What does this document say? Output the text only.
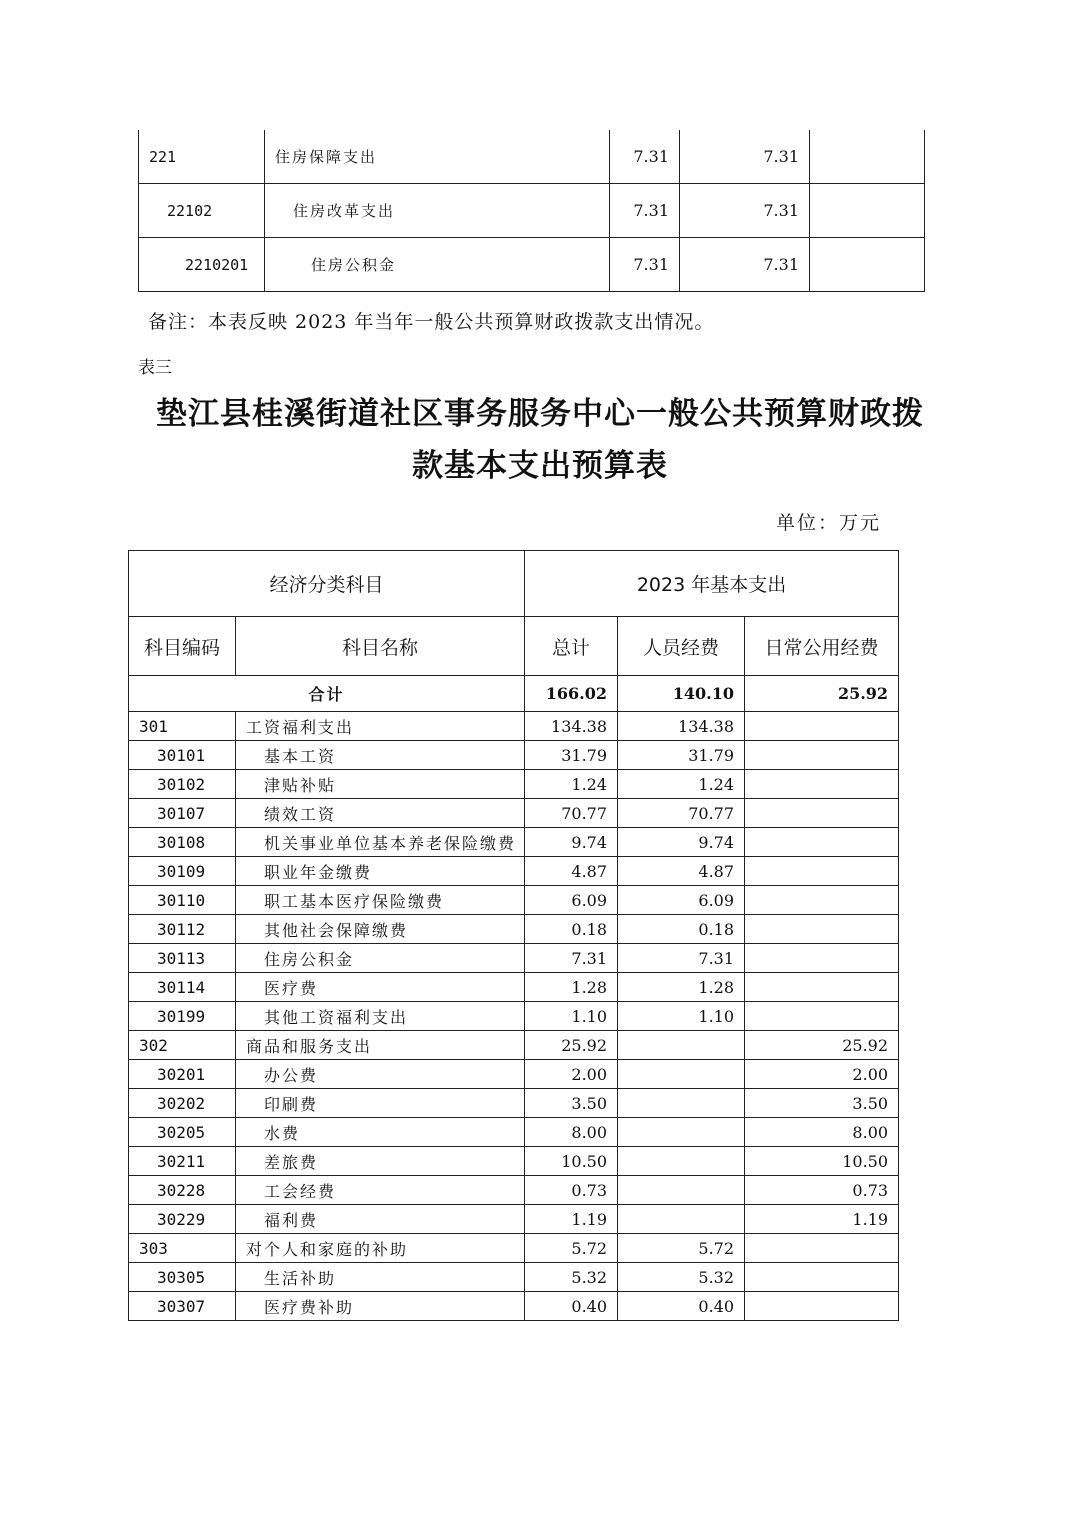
221	住房保障支出	7.31	7.31	
22102	住房改革支出	7.31	7.31	
2210201	住房公积金	7.31	7.31	
备注：本表反映 2023 年当年一般公共预算财政拨款支出情况。
表三
垫江县桂溪街道社区事务服务中心一般公共预算财政拨
款基本支出预算表
单位：万元
经济分类科目		2023 年基本支出		
科目编码	科目名称	总计	人员经费	日常公用经费
合计		166.02	140.10	25.92
301	工资福利支出	134.38	134.38	
30101	基本工资	31.79	31.79	
30102	津贴补贴	1.24	1.24	
30107	绩效工资	70.77	70.77	
30108	机关事业单位基本养老保险缴费	9.74	9.74	
30109	职业年金缴费	4.87	4.87	
30110	职工基本医疗保险缴费	6.09	6.09	
30112	其他社会保障缴费	0.18	0.18	
30113	住房公积金	7.31	7.31	
30114	医疗费	1.28	1.28	
30199	其他工资福利支出	1.10	1.10	
302	商品和服务支出	25.92		25.92
30201	办公费	2.00		2.00
30202	印刷费	3.50		3.50
30205	水费	8.00		8.00
30211	差旅费	10.50		10.50
30228	工会经费	0.73		0.73
30229	福利费	1.19		1.19
303	对个人和家庭的补助	5.72	5.72	
30305	生活补助	5.32	5.32	
30307	医疗费补助	0.40	0.40	
